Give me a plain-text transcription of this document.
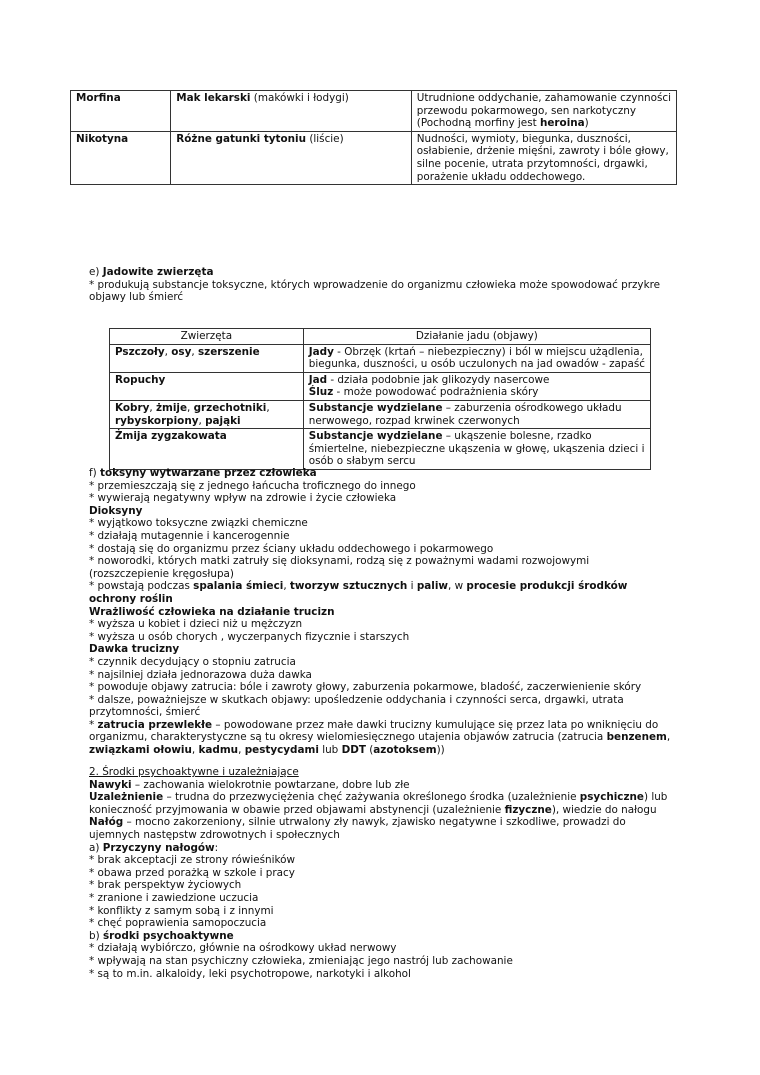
Morfina	Mak lekarski (makówki i łodygi)	Utrudnione oddychanie, zahamowanie czynności
przewodu pokarmowego, sen narkotyczny
(Pochodną morfiny jest heroina)

Nikotyna	Różne gatunki tytoniu (liście)	Nudności, wymioty, biegunka, duszności,
osłabienie, drżenie mięśni, zawroty i bóle głowy,
silne pocenie, utrata przytomności, drgawki,
porażenie układu oddechowego.
e) Jadowite zwierzęta
* produkują substancje toksyczne, których wprowadzenie do organizmu człowieka może spowodować przykre
objawy lub śmierć
Zwierzęta	Działanie jadu (objawy)
Pszczoły, osy, szerszenie	Jady - Obrzęk (krtań – niebezpieczny) i ból w miejscu użądlenia,
biegunka, duszności, u osób uczulonych na jad owadów - zapaść

Ropuchy	Jad - działa podobnie jak glikozydy nasercowe
Śluz - może powodować podrażnienia skóry

Kobry, żmije, grzechotniki,
rybyskorpiony, pająki	Substancje wydzielane – zaburzenia ośrodkowego układu
nerwowego, rozpad krwinek czerwonych

Żmija zygzakowata	Substancje wydzielane – ukąszenie bolesne, rzadko
śmiertelne, niebezpieczne ukąszenia w głowę, ukąszenia dzieci i
osób o słabym sercu
f) toksyny wytwarzane przez człowieka
* przemieszczają się z jednego łańcucha troficznego do innego
* wywierają negatywny wpływ na zdrowie i życie człowieka
Dioksyny
* wyjątkowo toksyczne związki chemiczne
* działają mutagennie i kancerogennie
* dostają się do organizmu przez ściany układu oddechowego i pokarmowego
* noworodki, których matki zatruły się dioksynami, rodzą się z poważnymi wadami rozwojowymi
(rozszczepienie kręgosłupa)
* powstają podczas spalania śmieci, tworzyw sztucznych i paliw, w procesie produkcji środków
ochrony roślin
Wrażliwość człowieka na działanie trucizn
* wyższa u kobiet i dzieci niż u mężczyzn
* wyższa u osób chorych , wyczerpanych fizycznie i starszych
Dawka trucizny
* czynnik decydujący o stopniu zatrucia
* najsilniej działa jednorazowa duża dawka
* powoduje objawy zatrucia: bóle i zawroty głowy, zaburzenia pokarmowe, bladość, zaczerwienienie skóry
* dalsze, poważniejsze w skutkach objawy: upośledzenie oddychania i czynności serca, drgawki, utrata
przytomności, śmierć
* zatrucia przewlekłe – powodowane przez małe dawki trucizny kumulujące się przez lata po wniknięciu do
organizmu, charakterystyczne są tu okresy wielomiesięcznego utajenia objawów zatrucia (zatrucia benzenem,
związkami ołowiu, kadmu, pestycydami lub DDT (azotoksem))
2. Środki psychoaktywne i uzależniające
Nawyki – zachowania wielokrotnie powtarzane, dobre lub złe
Uzależnienie – trudna do przezwyciężenia chęć zażywania określonego środka (uzależnienie psychiczne) lub
konieczność przyjmowania w obawie przed objawami abstynencji (uzależnienie fizyczne), wiedzie do nałogu
Nałóg – mocno zakorzeniony, silnie utrwalony zły nawyk, zjawisko negatywne i szkodliwe, prowadzi do
ujemnych następstw zdrowotnych i społecznych
a) Przyczyny nałogów:
* brak akceptacji ze strony rówieśników
* obawa przed porażką w szkole i pracy
* brak perspektyw życiowych
* zranione i zawiedzione uczucia
* konflikty z samym sobą i z innymi
* chęć poprawienia samopoczucia
b) środki psychoaktywne
* działają wybiórczo, głównie na ośrodkowy układ nerwowy
* wpływają na stan psychiczny człowieka, zmieniając jego nastrój lub zachowanie
* są to m.in. alkaloidy, leki psychotropowe, narkotyki i alkohol
